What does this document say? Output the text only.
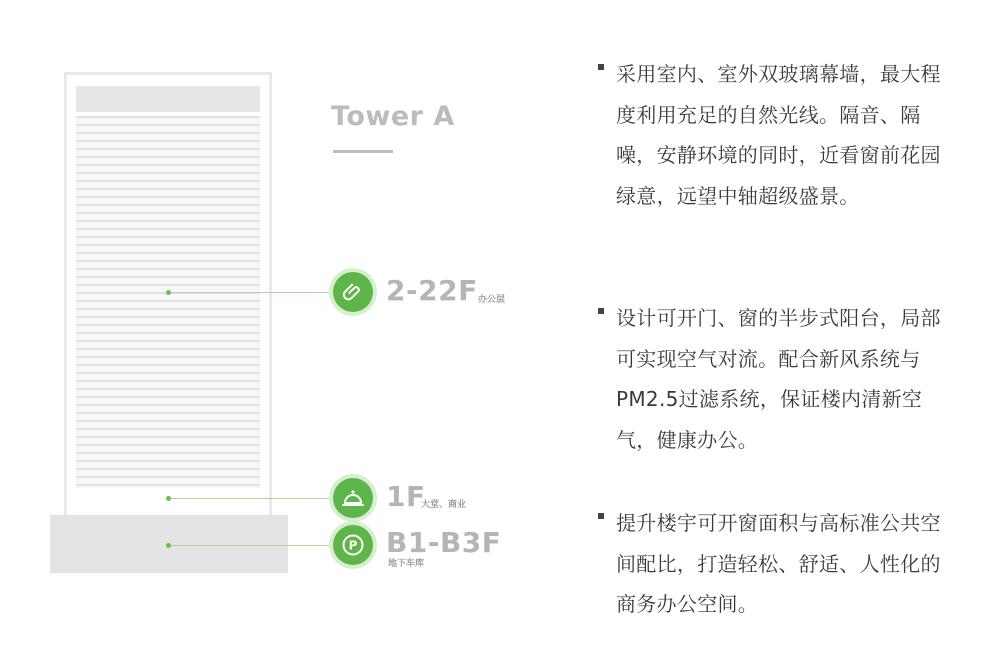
Tower A
2-22F 办公层
1F
大堂、商业
P B1-B3F
地下车库
采用室内、室外双玻璃幕墙，最大程度利用充足的自然光线。隔音、隔噪，安静环境的同时，近看窗前花园绿意，远望中轴超级盛景。
设计可开门、窗的半步式阳台，局部可实现空气对流。配合新风系统与PM2.5过滤系统，保证楼内清新空气，健康办公。
提升楼宇可开窗面积与高标准公共空间配比，打造轻松、舒适、人性化的商务办公空间。
